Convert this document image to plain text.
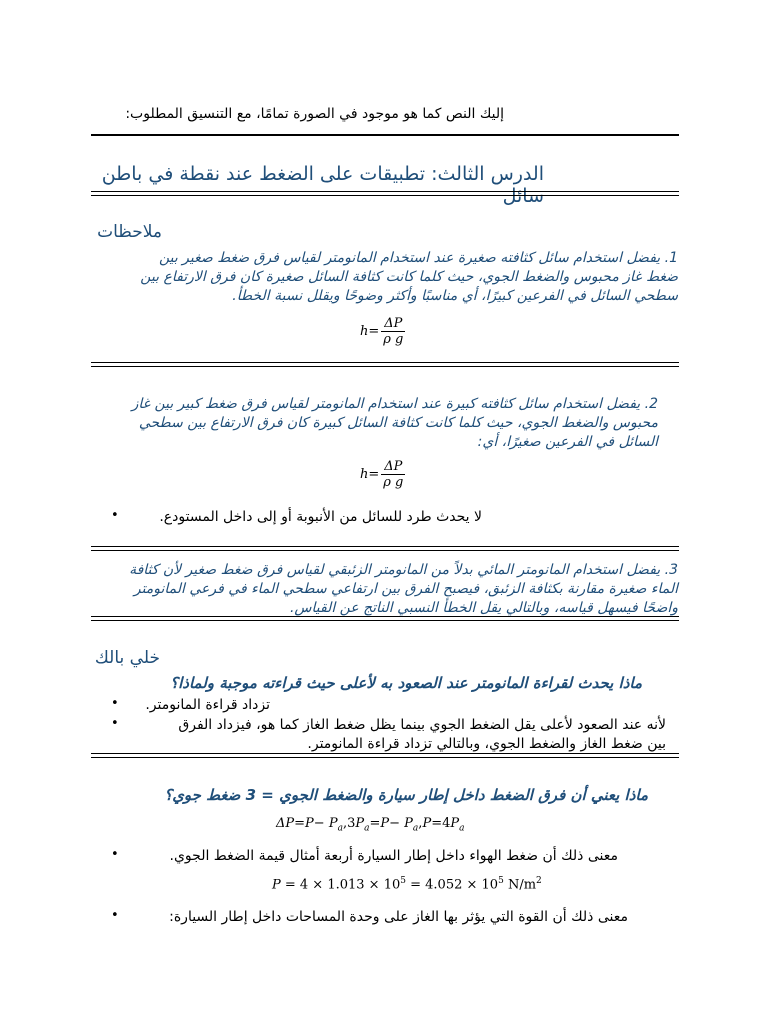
إليك النص كما هو موجود في الصورة تمامًا، مع التنسيق المطلوب:
الدرس الثالث: تطبيقات على الضغط عند نقطة في باطن سائل
ملاحظات
1. يفضل استخدام سائل كثافته صغيرة عند استخدام المانومتر لقياس فرق ضغط صغير بين
ضغط غاز محبوس والضغط الجوي، حيث كلما كانت كثافة السائل صغيرة كان فرق الارتفاع بين
سطحي السائل في الفرعين كبيرًا، أي مناسبًا وأكثر وضوحًا ويقلل نسبة الخطأ.
$h= \frac{\Delta P}{\text{ρ g}}$
2. يفضل استخدام سائل كثافته كبيرة عند استخدام المانومتر لقياس فرق ضغط كبير بين غاز
محبوس والضغط الجوي، حيث كلما كانت كثافة السائل كبيرة كان فرق الارتفاع بين سطحي
السائل في الفرعين صغيرًا، أي:
$h= \frac{\Delta P}{\text{ρ g}}$
•	لا يحدث طرد للسائل من الأنبوبة أو إلى داخل المستودع.
3. يفضل استخدام المانومتر المائي بدلاً من المانومتر الزئبقي لقياس فرق ضغط صغير لأن كثافة
الماء صغيرة مقارنة بكثافة الزئبق، فيصبح الفرق بين ارتفاعي سطحي الماء في فرعي المانومتر
واضحًا فيسهل قياسه، وبالتالي يقل الخطأ النسبي الناتج عن القياس.
خلي بالك
ماذا يحدث لقراءة المانومتر عند الصعود به لأعلى حيث قراءته موجبة ولماذا؟
•	تزداد قراءة المانومتر.
•	لأنه عند الصعود لأعلى يقل الضغط الجوي بينما يظل ضغط الغاز كما هو، فيزداد الفرق
بين ضغط الغاز والضغط الجوي، وبالتالي تزداد قراءة المانومتر.
ماذا يعني أن فرق الضغط داخل إطار سيارة والضغط الجوي = 3 ضغط جوي؟
$\Delta P=P- P_a,3P_a=P- P_a,P=4P_a$
•	معنى ذلك أن ضغط الهواء داخل إطار السيارة أربعة أمثال قيمة الضغط الجوي.
$P = 4 \times 1.013 \times 10^5 = 4.052 \times 10^5$ $N/m^2$
•	معنى ذلك أن القوة التي يؤثر بها الغاز على وحدة المساحات داخل إطار السيارة:
